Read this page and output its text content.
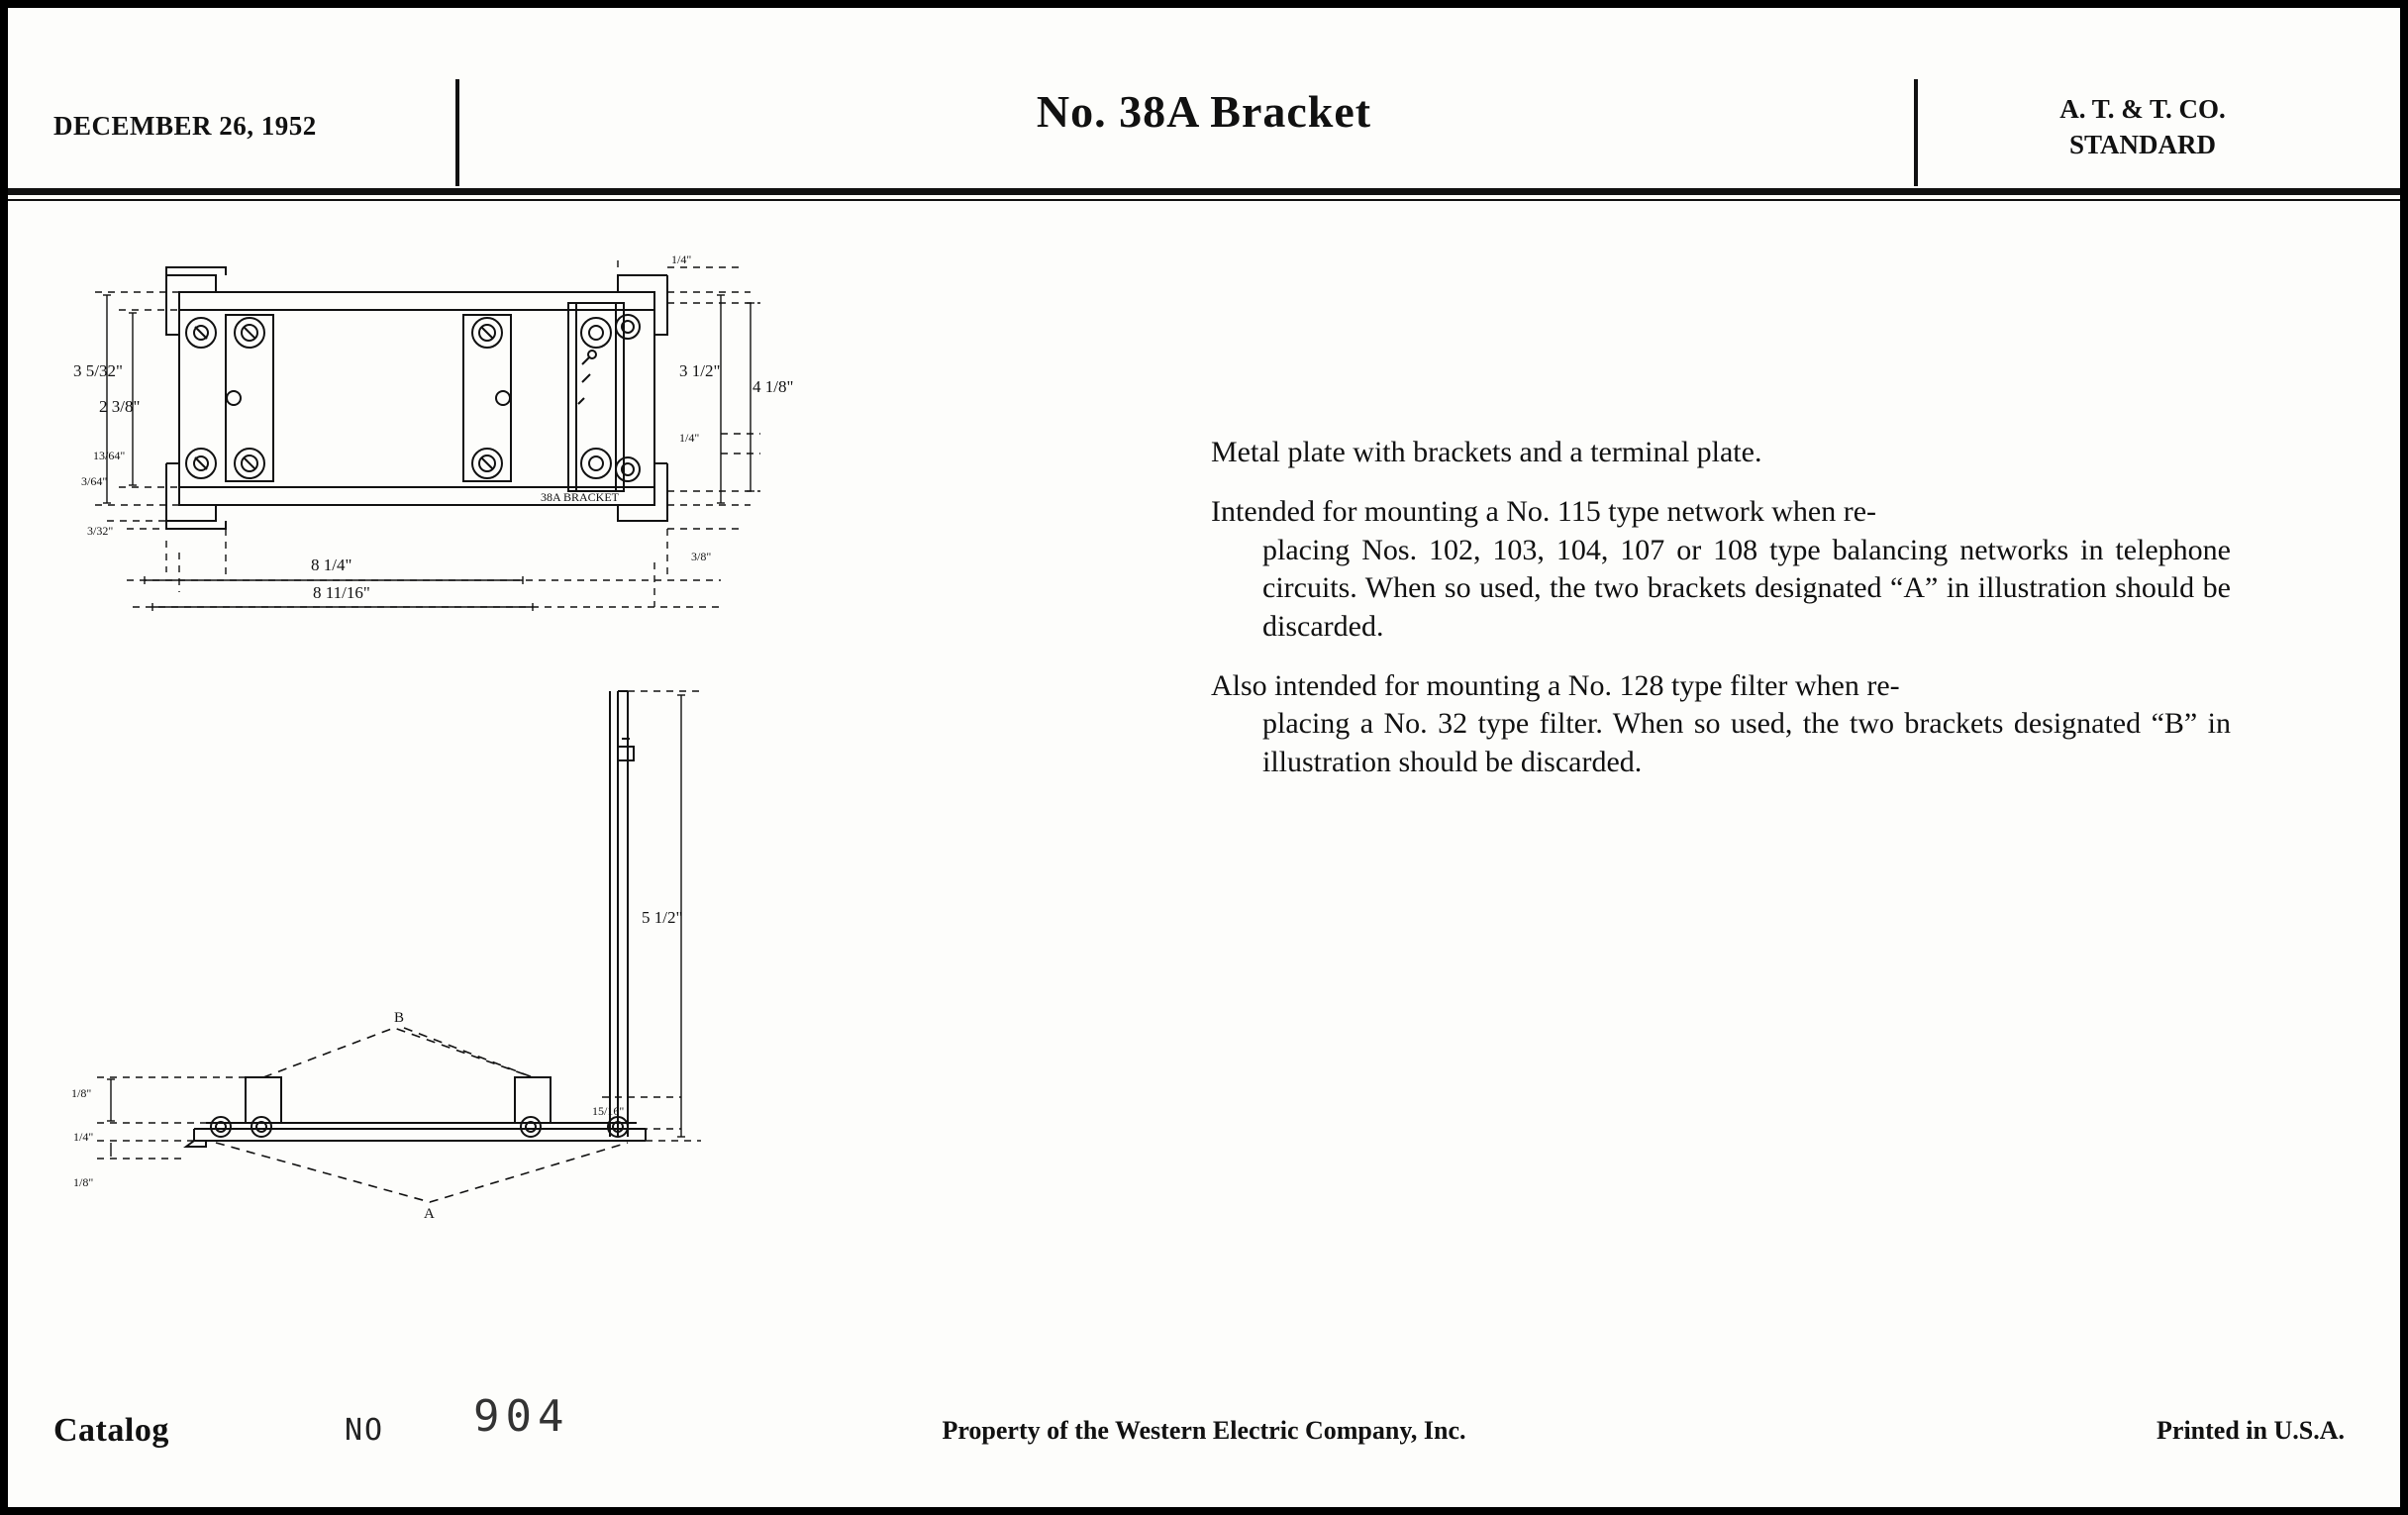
DECEMBER 26, 1952	No. 38A Bracket	A. T. & T. CO.
STANDARD
38A BRACKET
3 5/32"
2 3/8"
13/64"
3/64"
3/32"
8 1/4"
8 11/16"
1/4"
3 1/2"
4 1/8"
1/4"
3/8"
B
A
5 1/2"
1/8"
1/4"
1/8"
15/16"
Metal plate with brackets and a terminal plate.
Intended for mounting a No. 115 type network when re-
placing Nos. 102, 103, 104, 107 or 108 type balancing networks in telephone circuits. When so used, the two brackets designated “A” in illustration should be discarded.
Also intended for mounting a No. 128 type filter when re-
placing a No. 32 type filter. When so used, the two brackets designated “B” in illustration should be discarded.
Catalog	NO 904	Property of the Western Electric Company, Inc.	Printed in U.S.A.
